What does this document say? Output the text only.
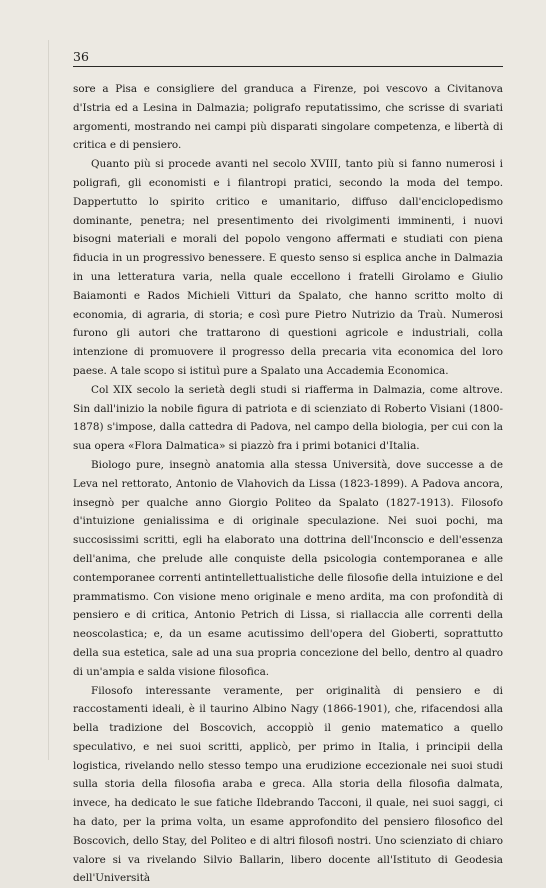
36

sore a Pisa e consigliere del granduca a Firenze, poi vescovo a Civitanova d'Istria ed a Lesina in Dalmazia; poligrafo reputatissimo, che scrisse di svariati argomenti, mostrando nei campi più disparati singolare competenza, e libertà di critica e di pensiero.

Quanto più si procede avanti nel secolo XVIII, tanto più si fanno numerosi i poligrafi, gli economisti e i filantropi pratici, secondo la moda del tempo. Dappertutto lo spirito critico e umanitario, diffuso dall'enciclopedismo dominante, penetra; nel presentimento dei rivolgimenti imminenti, i nuovi bisogni materiali e morali del popolo vengono affermati e studiati con piena fiducia in un progressivo benessere. E questo senso si esplica anche in Dalmazia in una letteratura varia, nella quale eccellono i fratelli Girolamo e Giulio Baiamonti e Rados Michieli Vitturi da Spalato, che hanno scritto molto di economia, di agraria, di storia; e così pure Pietro Nutrizio da Traù. Numerosi furono gli autori che trattarono di questioni agricole e industriali, colla intenzione di promuovere il progresso della precaria vita economica del loro paese. A tale scopo si istituì pure a Spalato una Accademia Economica.

Col XIX secolo la serietà degli studi si riafferma in Dalmazia, come altrove. Sin dall'inizio la nobile figura di patriota e di scienziato di Roberto Visiani (1800-1878) s'impose, dalla cattedra di Padova, nel campo della biologia, per cui con la sua opera «Flora Dalmatica» si piazzò fra i primi botanici d'Italia.

Biologo pure, insegnò anatomia alla stessa Università, dove successe a de Leva nel rettorato, Antonio de Vlahovich da Lissa (1823-1899). A Padova ancora, insegnò per qualche anno Giorgio Politeo da Spalato (1827-1913). Filosofo d'intuizione genialissima e di originale speculazione. Nei suoi pochi, ma succosissimi scritti, egli ha elaborato una dottrina dell'Inconscio e dell'essenza dell'anima, che prelude alle conquiste della psicologia contemporanea e alle contemporanee correnti antintellettualistiche delle filosofie della intuizione e del prammatismo. Con visione meno originale e meno ardita, ma con profondità di pensiero e di critica, Antonio Petrich di Lissa, si riallaccia alle correnti della neoscolastica; e, da un esame acutissimo dell'opera del Gioberti, soprattutto della sua estetica, sale ad una sua propria concezione del bello, dentro al quadro di un'ampia e salda visione filosofica.

Filosofo interessante veramente, per originalità di pensiero e di raccostamenti ideali, è il taurino Albino Nagy (1866-1901), che, rifacendosi alla bella tradizione del Boscovich, accoppiò il genio matematico a quello speculativo, e nei suoi scritti, applicò, per primo in Italia, i principii della logistica, rivelando nello stesso tempo una erudizione eccezionale nei suoi studi sulla storia della filosofia araba e greca. Alla storia della filosofia dalmata, invece, ha dedicato le sue fatiche Ildebrando Tacconi, il quale, nei suoi saggi, ci ha dato, per la prima volta, un esame approfondito del pensiero filosofico del Boscovich, dello Stay, del Politeo e di altri filosofi nostri. Uno scienziato di chiaro valore si va rivelando Silvio Ballarin, libero docente all'Istituto di Geodesia dell'Università
